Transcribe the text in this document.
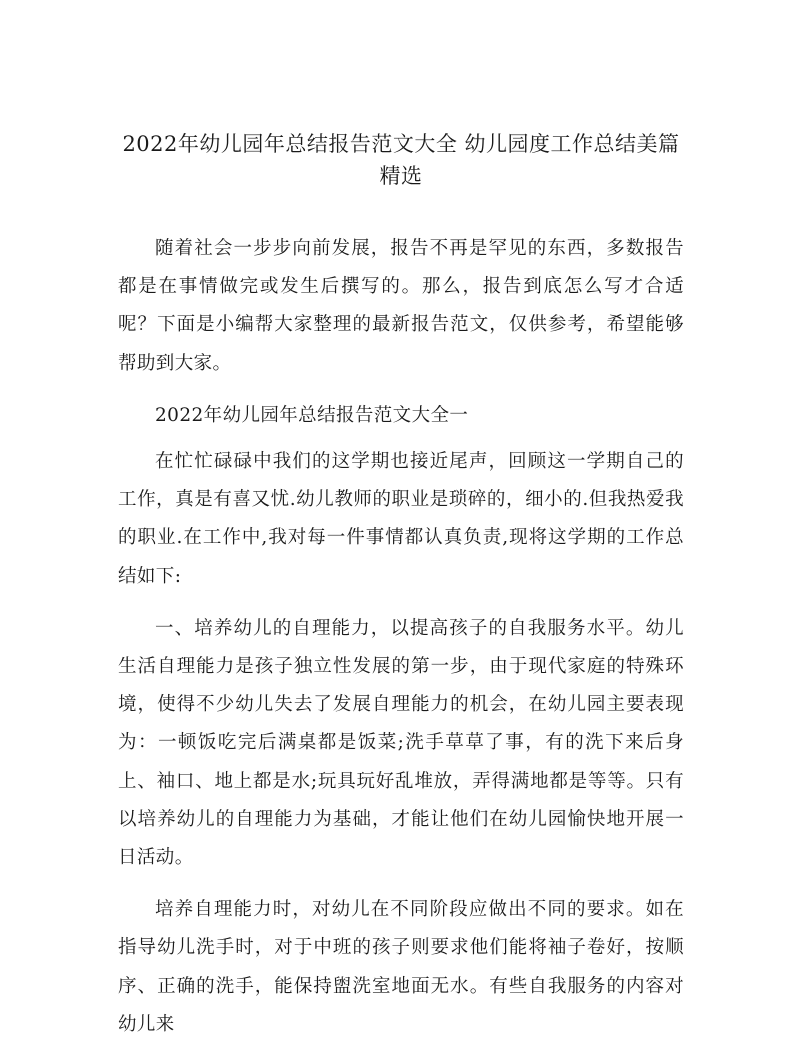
2022年幼儿园年总结报告范文大全 幼儿园度工作总结美篇精选

随着社会一步步向前发展，报告不再是罕见的东西，多数报告都是在事情做完或发生后撰写的。那么，报告到底怎么写才合适呢？下面是小编帮大家整理的最新报告范文，仅供参考，希望能够帮助到大家。

2022年幼儿园年总结报告范文大全一

在忙忙碌碌中我们的这学期也接近尾声，回顾这一学期自己的工作，真是有喜又忧.幼儿教师的职业是琐碎的，细小的.但我热爱我的职业.在工作中,我对每一件事情都认真负责,现将这学期的工作总结如下:

一、培养幼儿的自理能力，以提高孩子的自我服务水平。幼儿生活自理能力是孩子独立性发展的第一步，由于现代家庭的特殊环境，使得不少幼儿失去了发展自理能力的机会，在幼儿园主要表现为：一顿饭吃完后满桌都是饭菜;洗手草草了事，有的洗下来后身上、袖口、地上都是水;玩具玩好乱堆放，弄得满地都是等等。只有以培养幼儿的自理能力为基础，才能让他们在幼儿园愉快地开展一日活动。

培养自理能力时，对幼儿在不同阶段应做出不同的要求。如在指导幼儿洗手时，对于中班的孩子则要求他们能将袖子卷好，按顺序、正确的洗手，能保持盥洗室地面无水。有些自我服务的内容对幼儿来
